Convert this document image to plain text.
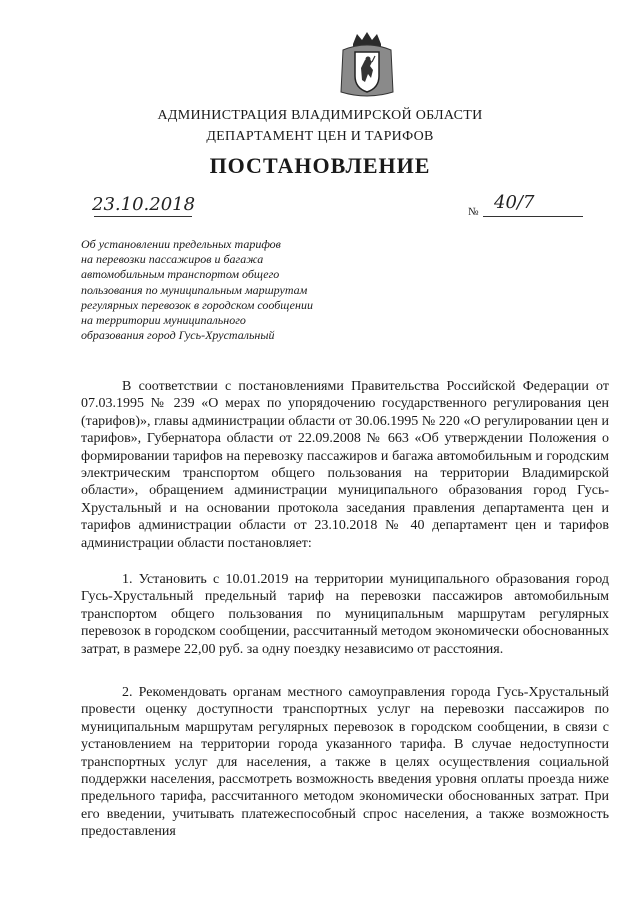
АДМИНИСТРАЦИЯ ВЛАДИМИРСКОЙ ОБЛАСТИ
ДЕПАРТАМЕНТ ЦЕН И ТАРИФОВ
ПОСТАНОВЛЕНИЕ
23.10.2018	№ 40/7
Об установлении предельных тарифов
на перевозки пассажиров и багажа
автомобильным транспортом общего
пользования по муниципальным маршрутам
регулярных перевозок в городском сообщении
на территории муниципального
образования город Гусь-Хрустальный
В соответствии с постановлениями Правительства Российской Федерации от 07.03.1995 № 239 «О мерах по упорядочению государственного регулирования цен (тарифов)», главы администрации области от 30.06.1995 № 220 «О регулировании цен и тарифов», Губернатора области от 22.09.2008 № 663 «Об утверждении Положения о формировании тарифов на перевозку пассажиров и багажа автомобильным и городским электрическим транспортом общего пользования на территории Владимирской области», обращением администрации муниципального образования город Гусь-Хрустальный и на основании протокола заседания правления департамента цен и тарифов администрации области от 23.10.2018 № 40 департамент цен и тарифов администрации области постановляет:
1. Установить с 10.01.2019 на территории муниципального образования город Гусь-Хрустальный предельный тариф на перевозки пассажиров автомобильным транспортом общего пользования по муниципальным маршрутам регулярных перевозок в городском сообщении, рассчитанный методом экономически обоснованных затрат, в размере 22,00 руб. за одну поездку независимо от расстояния.
2. Рекомендовать органам местного самоуправления города Гусь-Хрустальный провести оценку доступности транспортных услуг на перевозки пассажиров по муниципальным маршрутам регулярных перевозок в городском сообщении, в связи с установлением на территории города указанного тарифа. В случае недоступности транспортных услуг для населения, а также в целях осуществления социальной поддержки населения, рассмотреть возможность введения уровня оплаты проезда ниже предельного тарифа, рассчитанного методом экономически обоснованных затрат. При его введении, учитывать платежеспособный спрос населения, а также возможность предоставления
